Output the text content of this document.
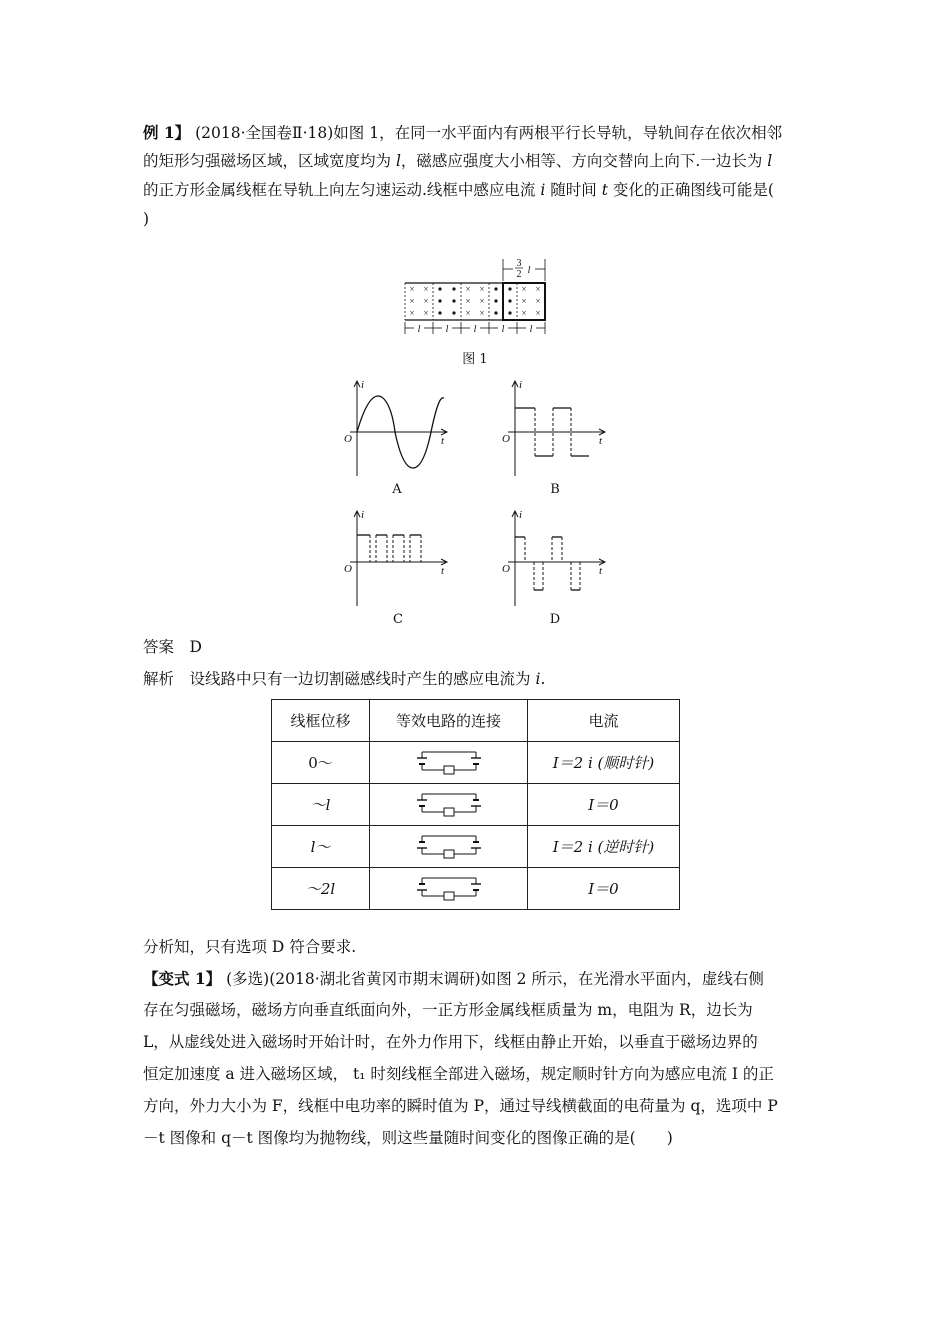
例 1】 (2018·全国卷Ⅱ·18)如图 1，在同一水平面内有两根平行长导轨，导轨间存在依次相邻

的矩形匀强磁场区域，区域宽度均为 l，磁感应强度大小相等、方向交替向上向下.一边长为 l

的正方形金属线框在导轨上向左匀速运动.线框中感应电流 i 随时间 t 变化的正确图线可能是(

)

× ×
× ×
× ×
× ×
× ×
× ×
× ×
× ×
× ×
3
2 l
l	l	l	l	l
图 1
i
t
O
A
i
t
O
B
i
t
O
C
i
t
O
D

答案　 D

解析　 设线路中只有一边切割磁感线时产生的感应电流为 i.

线框位移	等效电路的连接	电流
0～		I＝2 i (顺时针)
～l		I＝0
l～		I＝2 i (逆时针)
～2l		I＝0

分析知，只有选项 D 符合要求.

【变式 1】 (多选)(2018·湖北省黄冈市期末调研)如图 2 所示，在光滑水平面内，虚线右侧

存在匀强磁场，磁场方向垂直纸面向外，一正方形金属线框质量为 m，电阻为 R，边长为

L，从虚线处进入磁场时开始计时，在外力作用下，线框由静止开始，以垂直于磁场边界的

恒定加速度 a 进入磁场区域， t₁ 时刻线框全部进入磁场，规定顺时针方向为感应电流 I 的正

方向，外力大小为 F，线框中电功率的瞬时值为 P，通过导线横截面的电荷量为 q，选项中 P

－t 图像和 q－t 图像均为抛物线，则这些量随时间变化的图像正确的是(　　)
